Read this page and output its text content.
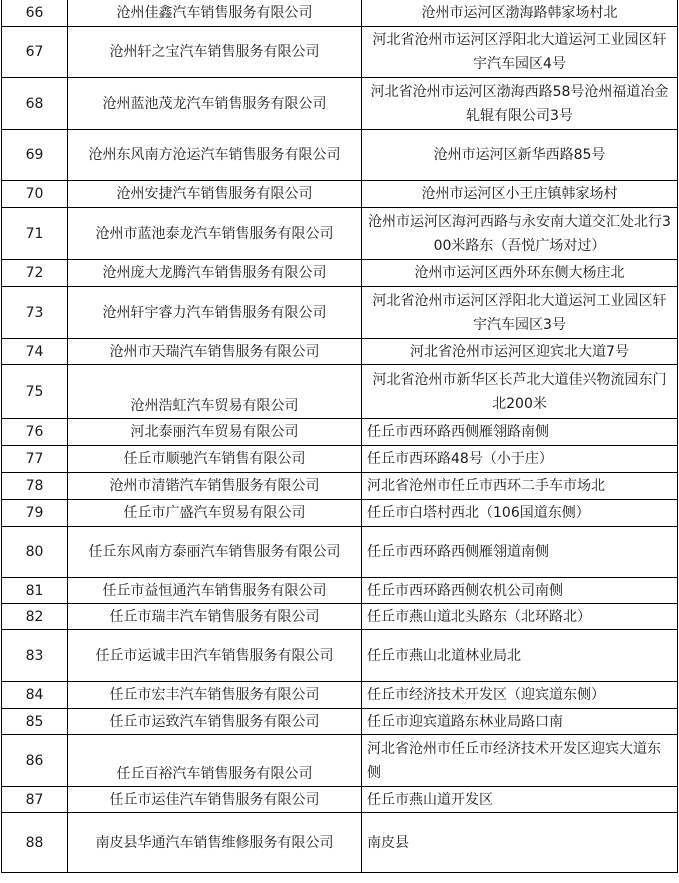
66	沧州佳鑫汽车销售服务有限公司	沧州市运河区渤海路韩家场村北
67	沧州轩之宝汽车销售服务有限公司	河北省沧州市运河区浮阳北大道运河工业园区轩宇汽车园区4号
68	沧州蓝池茂龙汽车销售服务有限公司	河北省沧州市运河区渤海西路58号沧州福道冶金轧辊有限公司3号
69	沧州东风南方沧运汽车销售服务有限公司	沧州市运河区新华西路85号
70	沧州安捷汽车销售服务有限公司	沧州市运河区小王庄镇韩家场村
71	沧州市蓝池泰龙汽车销售服务有限公司	沧州市运河区海河西路与永安南大道交汇处北行300米路东（吾悦广场对过）
72	沧州庞大龙腾汽车销售服务有限公司	沧州市运河区西外环东侧大杨庄北
73	沧州轩宇睿力汽车销售服务有限公司	河北省沧州市运河区浮阳北大道运河工业园区轩宇汽车园区3号
74	沧州市天瑞汽车销售服务有限公司	河北省沧州市运河区迎宾北大道7号
75	沧州浩虹汽车贸易有限公司	河北省沧州市新华区长芦北大道佳兴物流园东门北200米
76	河北泰丽汽车贸易有限公司	任丘市西环路西侧雁翎路南侧
77	任丘市顺驰汽车销售有限公司	任丘市西环路48号（小于庄）
78	沧州市清锴汽车销售服务有限公司	河北省沧州市任丘市西环二手车市场北
79	任丘市广盛汽车贸易有限公司	任丘市白塔村西北（106国道东侧）
80	任丘东风南方泰丽汽车销售服务有限公司	任丘市西环路西侧雁翎道南侧
81	任丘市益恒通汽车销售服务有限公司	任丘市西环路西侧农机公司南侧
82	任丘市瑞丰汽车销售服务有限公司	任丘市燕山道北头路东（北环路北）
83	任丘市运诚丰田汽车销售服务有限公司	任丘市燕山北道林业局北
84	任丘市宏丰汽车销售服务有限公司	任丘市经济技术开发区（迎宾道东侧）
85	任丘市运致汽车销售服务有限公司	任丘市迎宾道路东林业局路口南
86	任丘百裕汽车销售服务有限公司	河北省沧州市任丘市经济技术开发区迎宾大道东侧
87	任丘市运佳汽车销售服务有限公司	任丘市燕山道开发区
88	南皮县华通汽车销售维修服务有限公司	南皮县
